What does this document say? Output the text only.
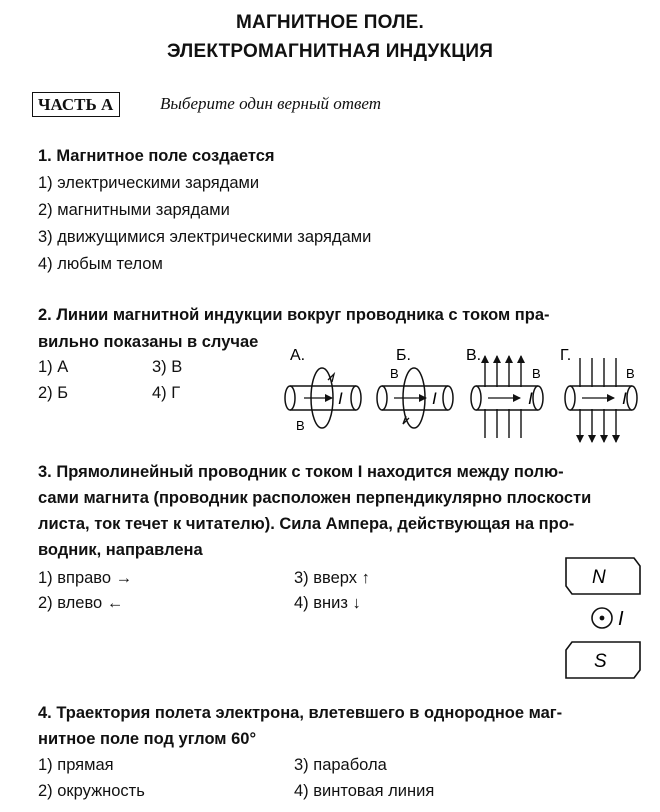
МАГНИТНОЕ ПОЛЕ.
ЭЛЕКТРОМАГНИТНАЯ ИНДУКЦИЯ
ЧАСТЬ А	Выберите один верный ответ
1. Магнитное поле создается
1) электрическими зарядами
2) магнитными зарядами
3) движущимися электрическими зарядами
4) любым телом
2. Линии магнитной индукции вокруг проводника с током пра-
вильно показаны в случае
1) А	3) В
2) Б	4) Г
А.
I
B
Б.
I
B
В.
I
B
Г.
I
B
3. Прямолинейный проводник с током I находится между полю-
сами магнита (проводник расположен перпендикулярно плоскости
листа, ток течет к читателю). Сила Ампера, действующая на про-
водник, направлена
1) вправо →	3) вверх ↑
2) влево ←	4) вниз ↓
N
I
S
4. Траектория полета электрона, влетевшего в однородное маг-
нитное поле под углом 60°
1) прямая	3) парабола
2) окружность	4) винтовая линия
